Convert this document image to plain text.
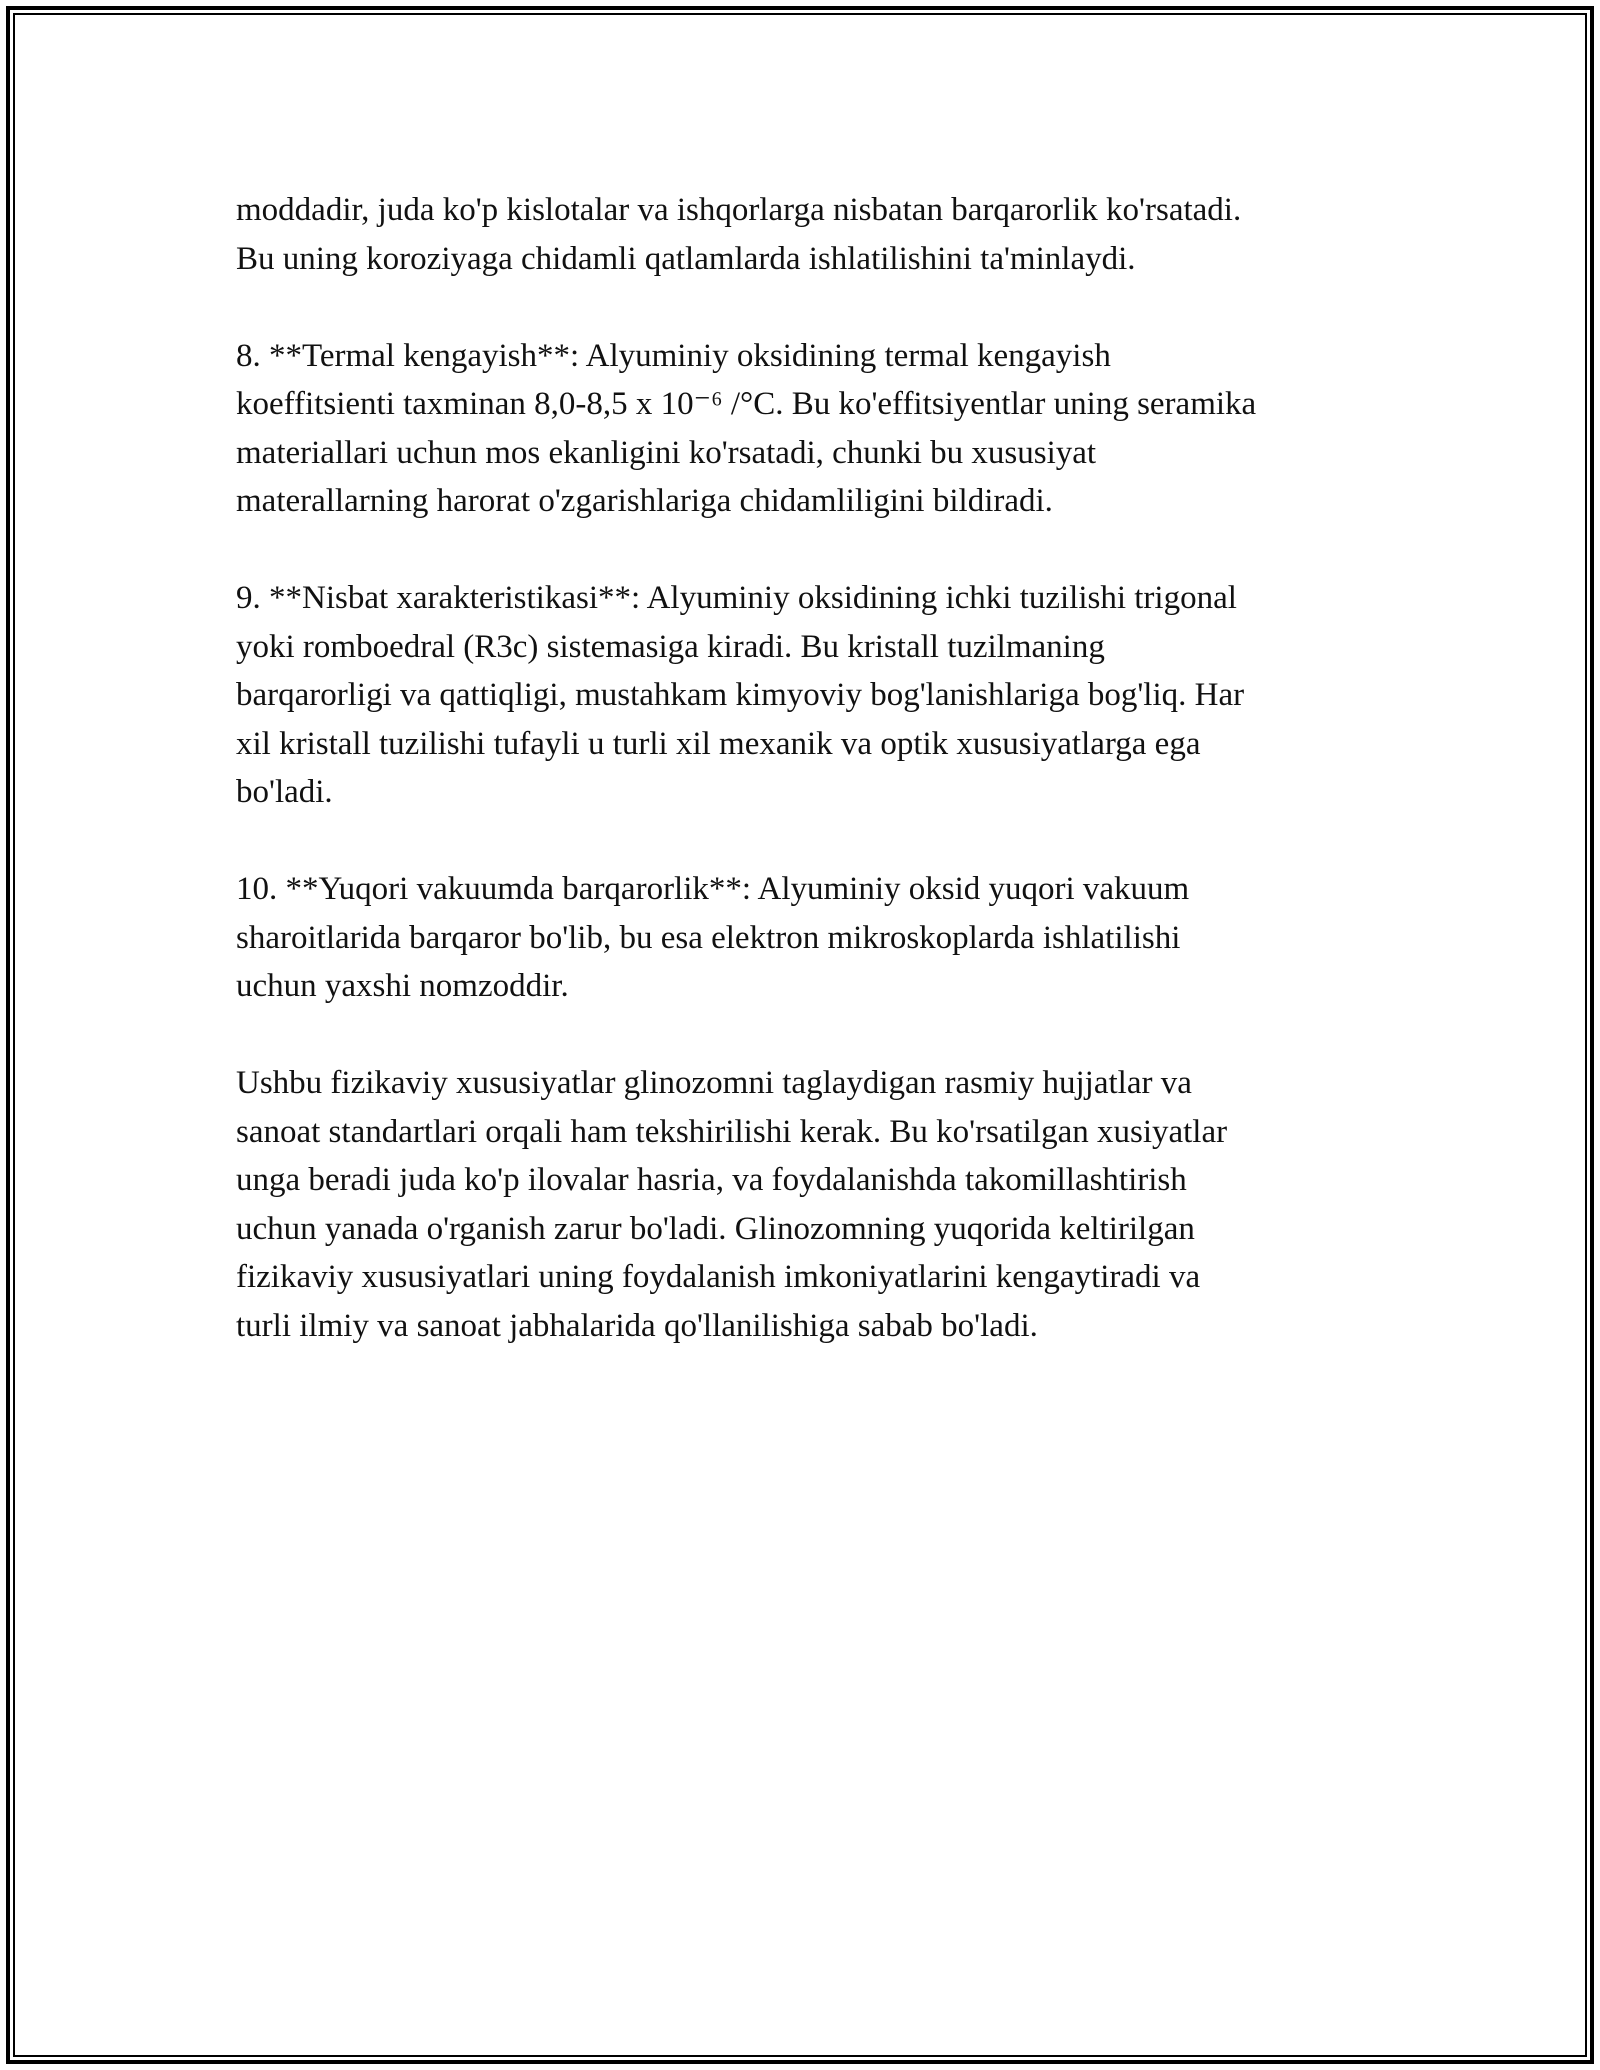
moddadir, juda ko'p kislotalar va ishqorlarga nisbatan barqarorlik ko'rsatadi.
Bu uning koroziyaga chidamli qatlamlarda ishlatilishini ta'minlaydi.

8. **Termal kengayish**: Alyuminiy oksidining termal kengayish
koeffitsienti taxminan 8,0-8,5 x 10⁻⁶ /°C. Bu ko'effitsiyentlar uning seramika
materiallari uchun mos ekanligini ko'rsatadi, chunki bu xususiyat
materallarning harorat o'zgarishlariga chidamliligini bildiradi.

9. **Nisbat xarakteristikasi**: Alyuminiy oksidining ichki tuzilishi trigonal
yoki romboedral (R3c) sistemasiga kiradi. Bu kristall tuzilmaning
barqarorligi va qattiqligi, mustahkam kimyoviy bog'lanishlariga bog'liq. Har
xil kristall tuzilishi tufayli u turli xil mexanik va optik xususiyatlarga ega
bo'ladi.

10. **Yuqori vakuumda barqarorlik**: Alyuminiy oksid yuqori vakuum
sharoitlarida barqaror bo'lib, bu esa elektron mikroskoplarda ishlatilishi
uchun yaxshi nomzoddir.

Ushbu fizikaviy xususiyatlar glinozomni taglaydigan rasmiy hujjatlar va
sanoat standartlari orqali ham tekshirilishi kerak. Bu ko'rsatilgan xusiyatlar
unga beradi juda ko'p ilovalar hasria, va foydalanishda takomillashtirish
uchun yanada o'rganish zarur bo'ladi. Glinozomning yuqorida keltirilgan
fizikaviy xususiyatlari uning foydalanish imkoniyatlarini kengaytiradi va
turli ilmiy va sanoat jabhalarida qo'llanilishiga sabab bo'ladi.
